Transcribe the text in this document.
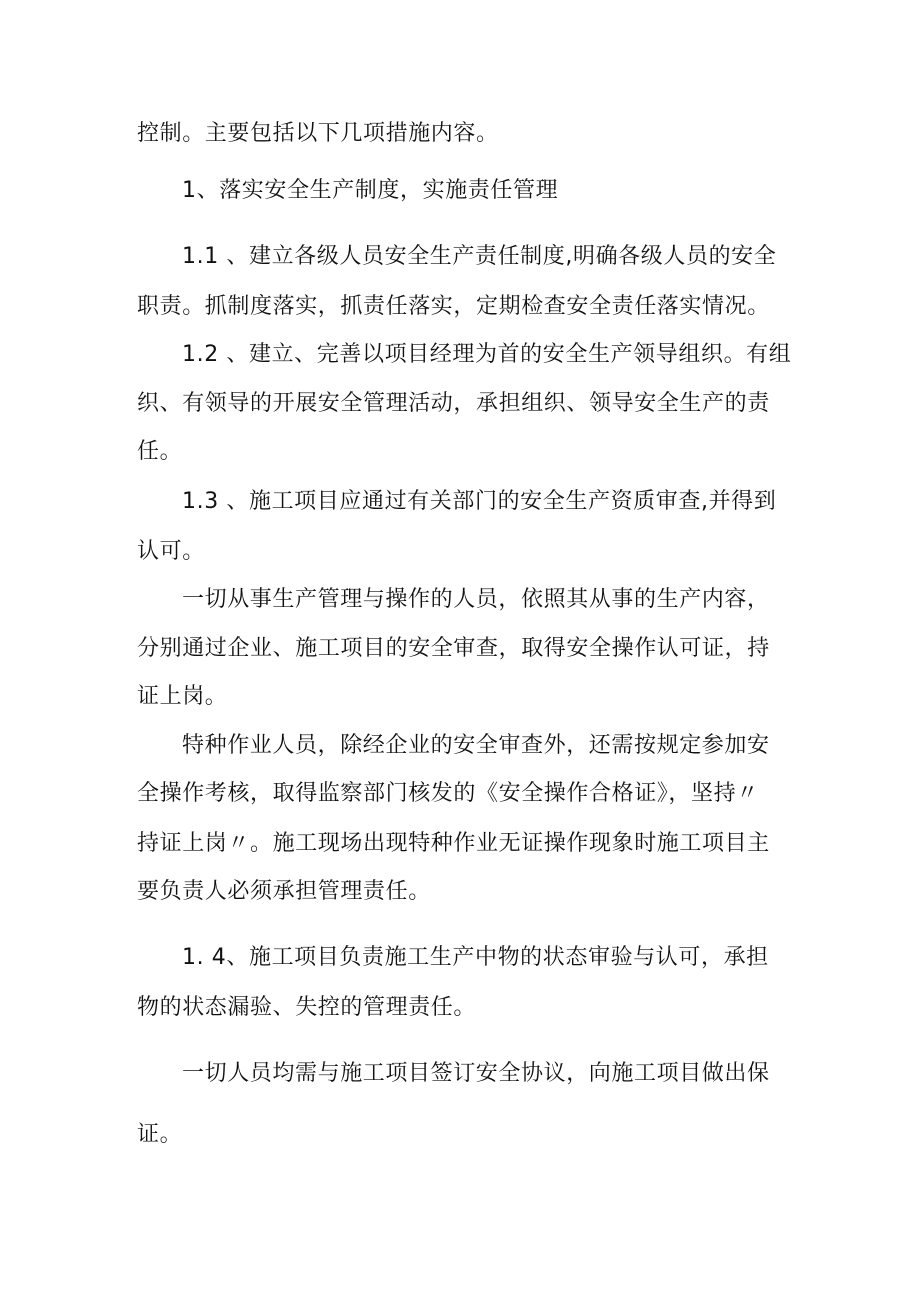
控制。主要包括以下几项措施内容。

1、落实安全生产制度，实施责任管理

1.1 、建立各级人员安全生产责任制度,明确各级人员的安全

职责。抓制度落实，抓责任落实，定期检查安全责任落实情况。

1.2 、建立、完善以项目经理为首的安全生产领导组织。有组

织、有领导的开展安全管理活动，承担组织、领导安全生产的责

任。

1.3 、施工项目应通过有关部门的安全生产资质审查,并得到

认可。

一切从事生产管理与操作的人员，依照其从事的生产内容，

分别通过企业、施工项目的安全审查，取得安全操作认可证，持

证上岗。

特种作业人员，除经企业的安全审查外，还需按规定参加安

全操作考核，取得监察部门核发的《安全操作合格证》，坚持〃

持证上岗〃。施工现场出现特种作业无证操作现象时施工项目主

要负责人必须承担管理责任。

1. 4、施工项目负责施工生产中物的状态审验与认可，承担

物的状态漏验、失控的管理责任。

一切人员均需与施工项目签订安全协议，向施工项目做出保

证。
